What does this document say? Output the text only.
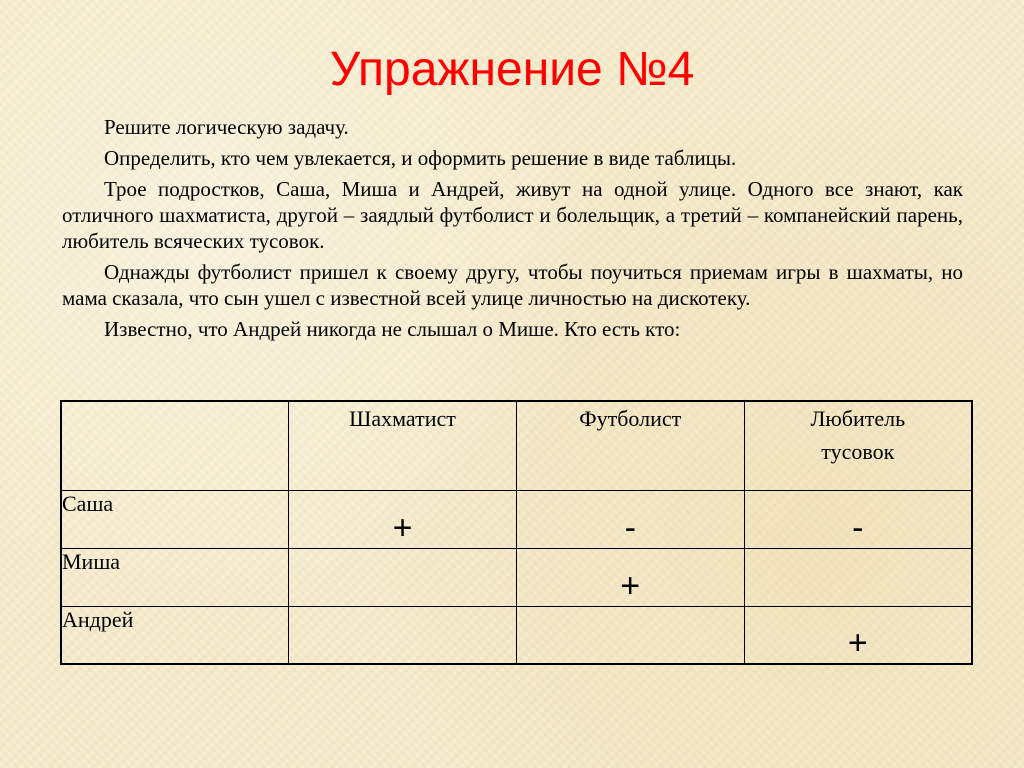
Упражнение №4

Решите логическую задачу.

Определить, кто чем увлекается, и оформить решение в виде таблицы.

Трое подростков, Саша, Миша и Андрей, живут на одной улице. Одного все знают, как отличного шахматиста, другой – заядлый футболист и болельщик, а третий – компанейский парень, любитель всяческих тусовок.

Однажды футболист пришел к своему другу, чтобы поучиться приемам игры в шахматы, но мама сказала, что сын ушел с известной всей улице личностью на дискотеку.

Известно, что Андрей никогда не слышал о Мише. Кто есть кто:

	Шахматист	Футболист	Любитель тусовок
Саша	+	-	-
Миша		+	
Андрей			+
